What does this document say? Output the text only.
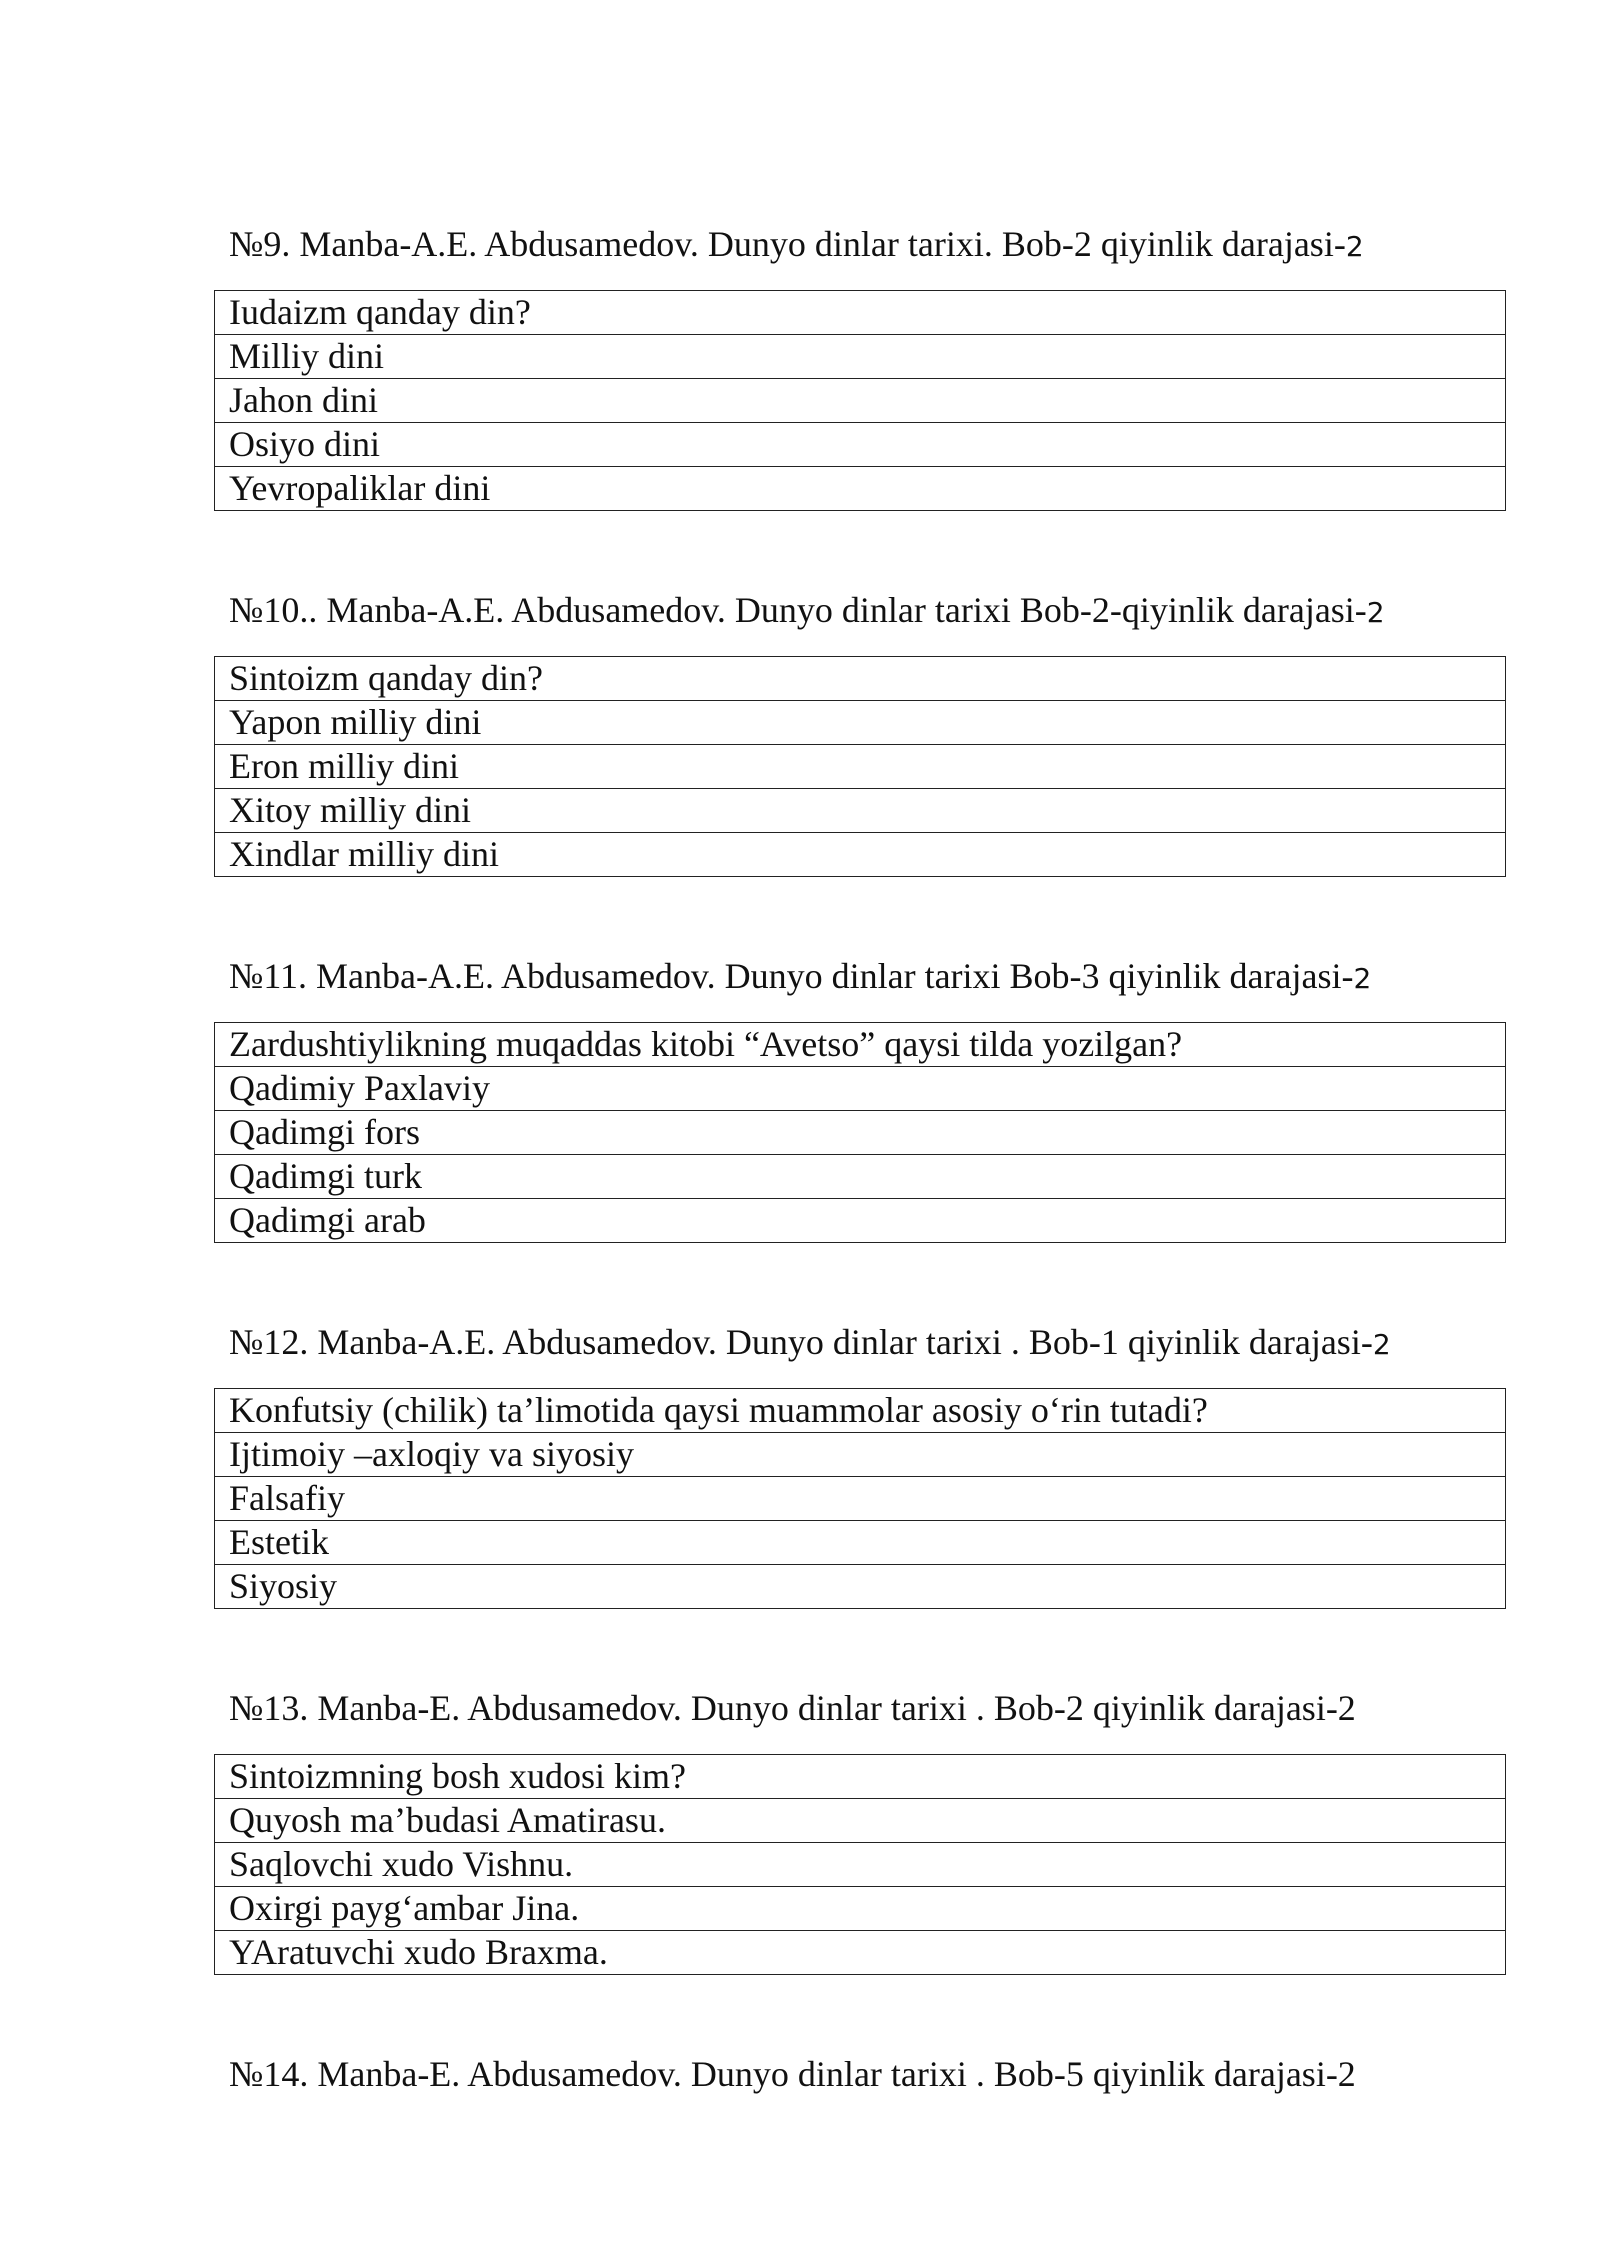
№9. Manba-A.E. Abdusamedov. Dunyo dinlar tarixi. Bob-2 qiyinlik darajasi-2
Iudaizm qanday din?
Milliy dini
Jahon dini
Osiyo dini
Yevropaliklar dini
№10.. Manba-A.E. Abdusamedov. Dunyo dinlar tarixi Bob-2-qiyinlik darajasi-2
Sintoizm qanday din?
Yapon milliy dini
Eron milliy dini
Xitoy milliy dini
Xindlar milliy dini
№11. Manba-A.E. Abdusamedov. Dunyo dinlar tarixi Bob-3 qiyinlik darajasi-2
Zardushtiylikning muqaddas kitobi “Avetso” qaysi tilda yozilgan?
Qadimiy Paxlaviy
Qadimgi fors
Qadimgi turk
Qadimgi arab
№12. Manba-A.E. Abdusamedov. Dunyo dinlar tarixi . Bob-1 qiyinlik darajasi-2
Konfutsiy (chilik) ta’limotida qaysi muammolar asosiy o‘rin tutadi?
Ijtimoiy –axloqiy va siyosiy
Falsafiy
Estetik
Siyosiy
№13. Manba-E. Abdusamedov. Dunyo dinlar tarixi . Bob-2 qiyinlik darajasi-2
Sintoizmning bosh xudosi kim?
Quyosh ma’budasi Amatirasu.
Saqlovchi xudo Vishnu.
Oxirgi payg‘ambar Jina.
YAratuvchi xudo Braxma.
№14. Manba-E. Abdusamedov. Dunyo dinlar tarixi . Bob-5 qiyinlik darajasi-2
